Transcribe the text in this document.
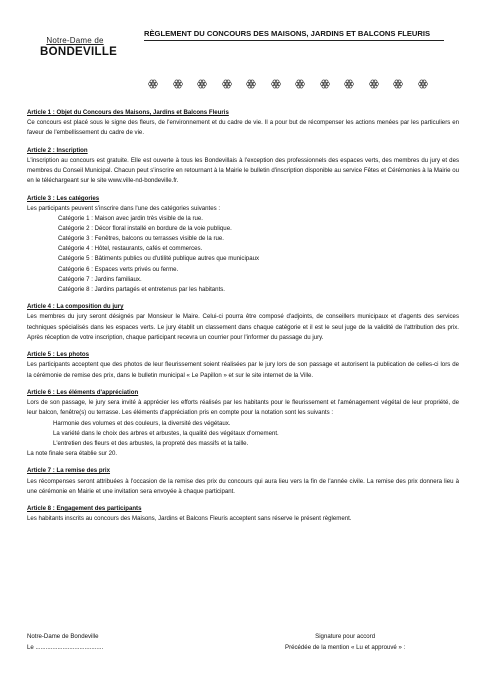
Notre-Dame de
BONDEVILLE
RÈGLEMENT DU CONCOURS DES MAISONS, JARDINS ET BALCONS FLEURIS
Article 1 : Objet du Concours des Maisons, Jardins et Balcons Fleuris
Ce concours est placé sous le signe des fleurs, de l'environnement et du cadre de vie. Il a pour but de récompenser les actions menées par les particuliers en faveur de l'embellissement du cadre de vie.
Article 2 : Inscription
L'inscription au concours est gratuite. Elle est ouverte à tous les Bondevillais à l'exception des professionnels des espaces verts, des membres du jury et des membres du Conseil Municipal. Chacun peut s'inscrire en retournant à la Mairie le bulletin d'inscription disponible au service Fêtes et Cérémonies à la Mairie ou en le téléchargeant sur le site www.ville-nd-bondeville.fr.
Article 3 : Les catégories
Les participants peuvent s'inscrire dans l'une des catégories suivantes :
Catégorie 1 : Maison avec jardin très visible de la rue.
Catégorie 2 : Décor floral installé en bordure de la voie publique.
Catégorie 3 : Fenêtres, balcons ou terrasses visible de la rue.
Catégorie 4 : Hôtel, restaurants, cafés et commerces.
Catégorie 5 : Bâtiments publics ou d'utilité publique autres que municipaux
Catégorie 6 : Espaces verts privés ou ferme.
Catégorie 7 : Jardins familiaux.
Catégorie 8 : Jardins partagés et entretenus par les habitants.
Article 4 : La composition du jury
Les membres du jury seront désignés par Monsieur le Maire. Celui-ci pourra être composé d'adjoints, de conseillers municipaux et d'agents des services techniques spécialisés dans les espaces verts. Le jury établit un classement dans chaque catégorie et il est le seul juge de la validité de l'attribution des prix. Après réception de votre inscription, chaque participant recevra un courrier pour l'informer du passage du jury.
Article 5 : Les photos
Les participants acceptent que des photos de leur fleurissement soient réalisées par le jury lors de son passage et autorisent la publication de celles-ci lors de la cérémonie de remise des prix, dans le bulletin municipal « Le Papillon » et sur le site internet de la Ville.
Article 6 : Les éléments d'appréciation
Lors de son passage, le jury sera invité à apprécier les efforts réalisés par les habitants pour le fleurissement et l'aménagement végétal de leur propriété, de leur balcon, fenêtre(s) ou terrasse. Les éléments d'appréciation pris en compte pour la notation sont les suivants :
Harmonie des volumes et des couleurs, la diversité des végétaux.
La variété dans le choix des arbres et arbustes, la qualité des végétaux d'ornement.
L'entretien des fleurs et des arbustes, la propreté des massifs et la taille.
La note finale sera établie sur 20.
Article 7 : La remise des prix
Les récompenses seront attribuées à l'occasion de la remise des prix du concours qui aura lieu vers la fin de l'année civile. La remise des prix donnera lieu à une cérémonie en Mairie et une invitation sera envoyée à chaque participant.
Article 8 : Engagement des participants
Les habitants inscrits au concours des Maisons, Jardins et Balcons Fleuris acceptent sans réserve le présent règlement.
Notre-Dame de Bondeville
Le ........................................
Signature pour accord
Précédée de la mention « Lu et approuvé » :
